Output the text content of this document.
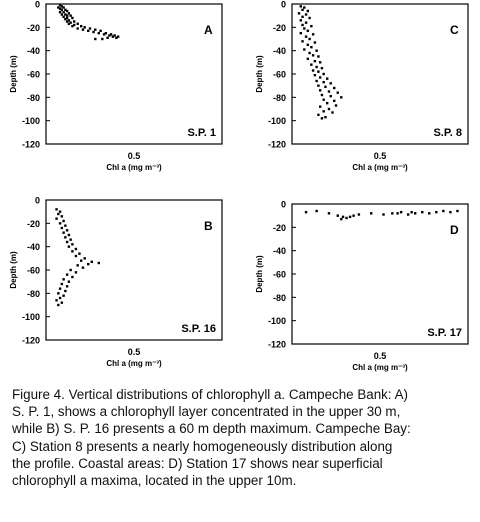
0
-20
-40
-60
-80
-100
-120
0.5
Chl a (mg m⁻³)
Depth (m)
A
S.P. 1
0
-20
-40
-60
-80
-100
-120
0.5
Chl a (mg m⁻³)
Depth (m)
C
S.P. 8
0
-20
-40
-60
-80
-100
-120
0.5
Chl a (mg m⁻³)
Depth (m)
B
S.P. 16
0
-20
-40
-60
-80
-100
-120
0.5
Chl a (mg m⁻³)
Depth (m)
D
S.P. 17
Figure 4. Vertical distributions of chlorophyll a. Campeche Bank: A)
S. P. 1, shows a chlorophyll layer concentrated in the upper 30 m,
while B) S. P. 16 presents a 60 m depth maximum. Campeche Bay:
C) Station 8 presents a nearly homogeneously distribution along
the profile. Coastal areas: D) Station 17 shows near superficial
chlorophyll a maxima, located in the upper 10m.
